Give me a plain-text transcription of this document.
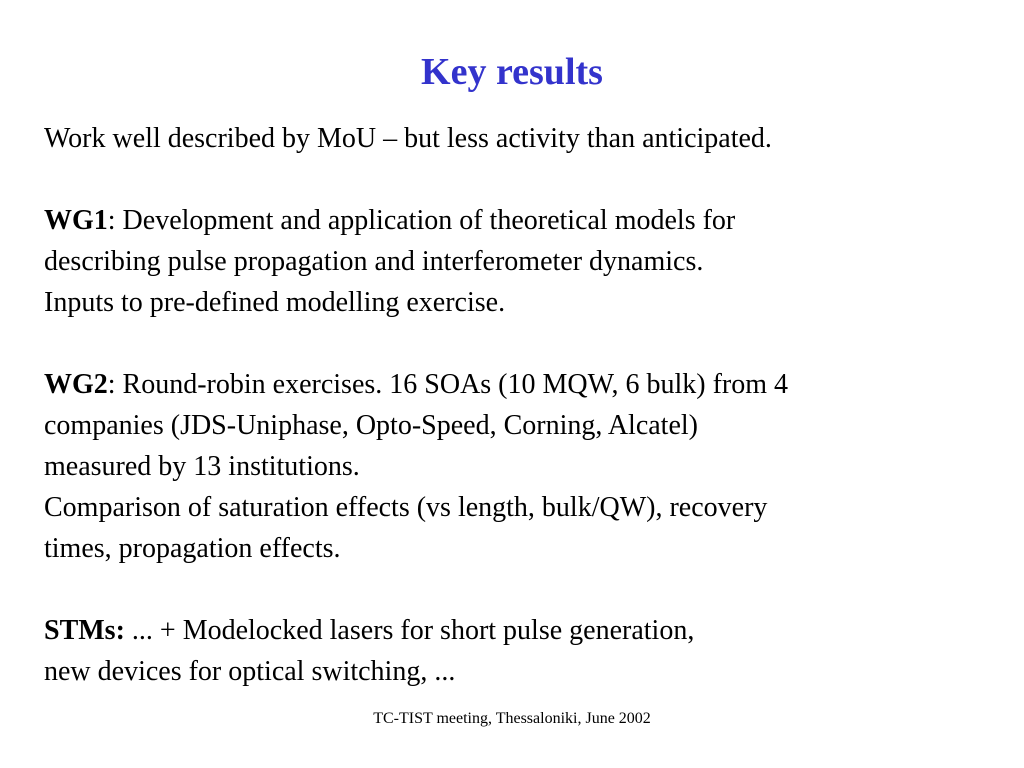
Key results

Work well described by MoU – but less activity than anticipated.

WG1: Development and application of theoretical models for
describing pulse propagation and interferometer dynamics.
Inputs to pre-defined modelling exercise.

WG2: Round-robin exercises. 16 SOAs (10 MQW, 6 bulk) from 4
companies (JDS-Uniphase, Opto-Speed, Corning, Alcatel)
measured by 13 institutions.
Comparison of saturation effects (vs length, bulk/QW), recovery
times, propagation effects.

STMs: ... + Modelocked lasers for short pulse generation,
new devices for optical switching, ...

TC-TIST meeting, Thessaloniki, June 2002
